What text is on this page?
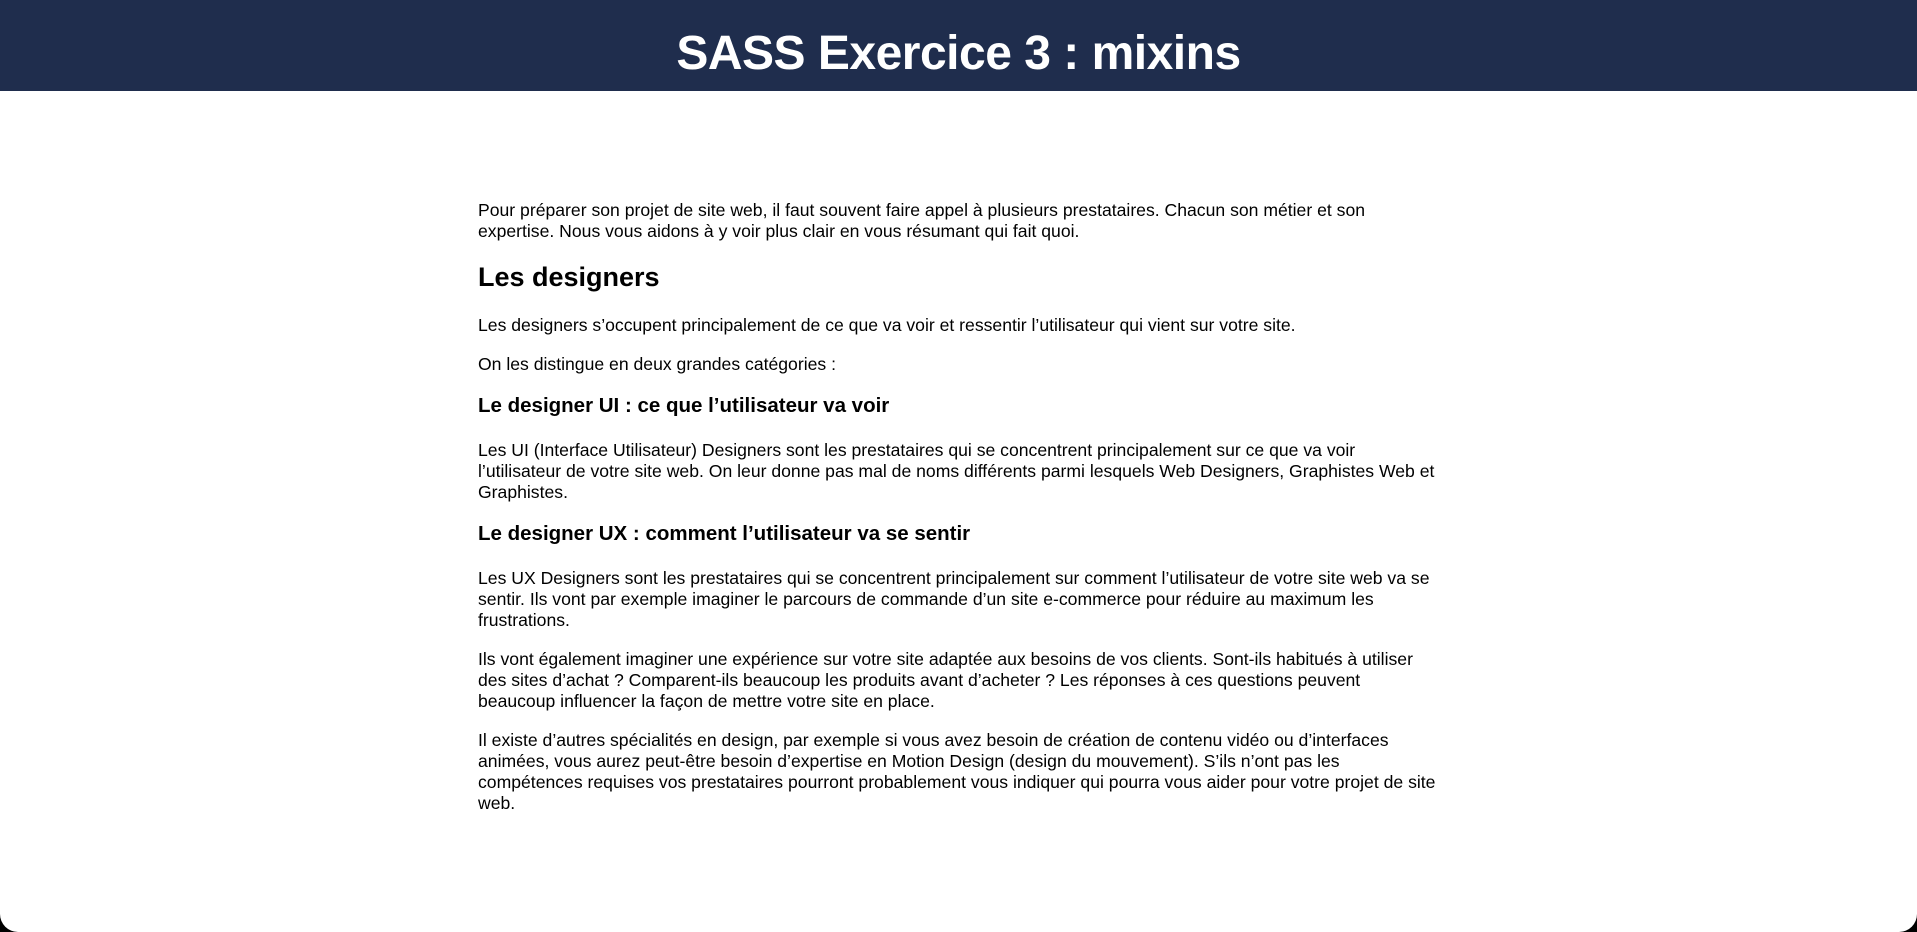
SASS Exercice 3 : mixins

Pour préparer son projet de site web, il faut souvent faire appel à plusieurs prestataires. Chacun son métier et son expertise. Nous vous aidons à y voir plus clair en vous résumant qui fait quoi.

Les designers

Les designers s’occupent principalement de ce que va voir et ressentir l’utilisateur qui vient sur votre site.

On les distingue en deux grandes catégories :

Le designer UI : ce que l’utilisateur va voir

Les UI (Interface Utilisateur) Designers sont les prestataires qui se concentrent principalement sur ce que va voir l’utilisateur de votre site web. On leur donne pas mal de noms différents parmi lesquels Web Designers, Graphistes Web et Graphistes.

Le designer UX : comment l’utilisateur va se sentir

Les UX Designers sont les prestataires qui se concentrent principalement sur comment l’utilisateur de votre site web va se sentir. Ils vont par exemple imaginer le parcours de commande d’un site e-commerce pour réduire au maximum les frustrations.

Ils vont également imaginer une expérience sur votre site adaptée aux besoins de vos clients. Sont-ils habitués à utiliser des sites d’achat ? Comparent-ils beaucoup les produits avant d’acheter ? Les réponses à ces questions peuvent beaucoup influencer la façon de mettre votre site en place.

Il existe d’autres spécialités en design, par exemple si vous avez besoin de création de contenu vidéo ou d’interfaces animées, vous aurez peut-être besoin d’expertise en Motion Design (design du mouvement). S’ils n’ont pas les compétences requises vos prestataires pourront probablement vous indiquer qui pourra vous aider pour votre projet de site web.
